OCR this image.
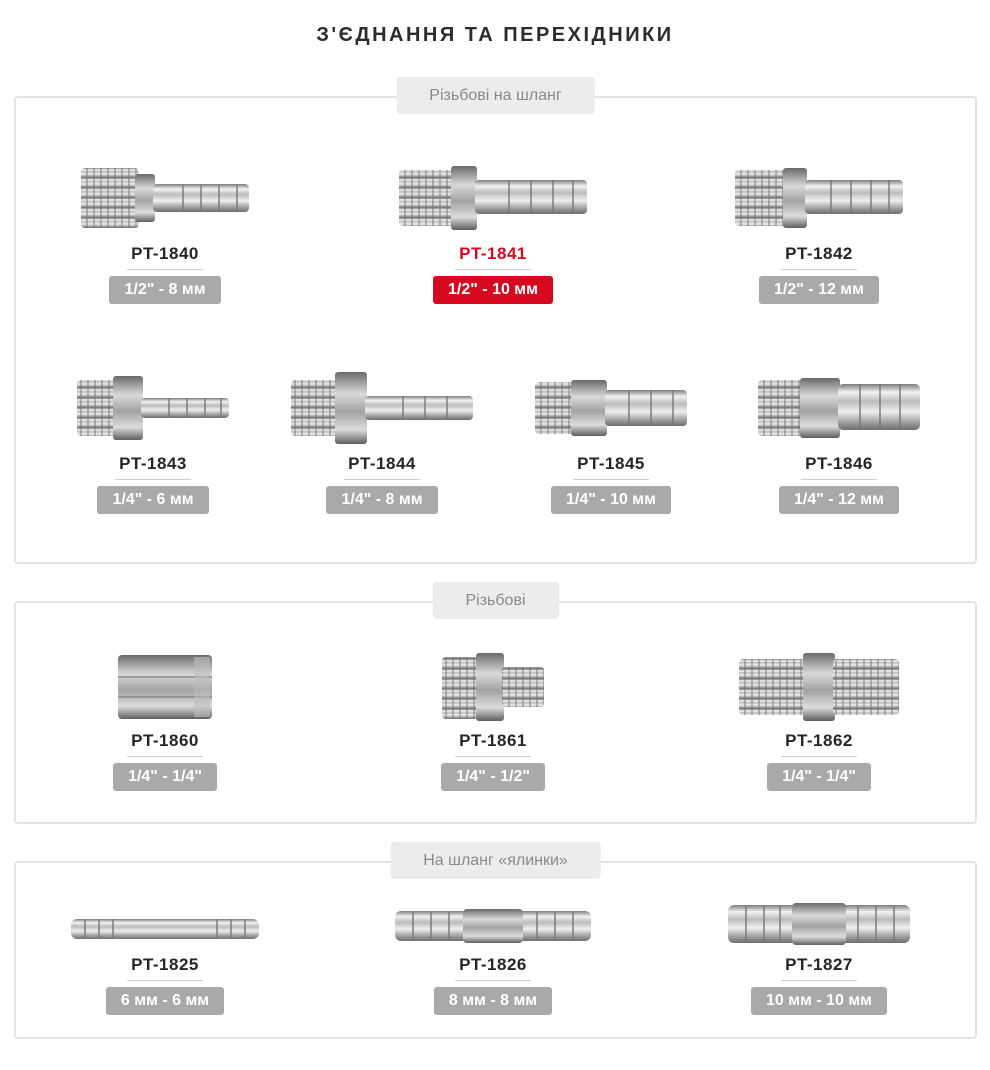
З'ЄДНАННЯ ТА ПЕРЕХІДНИКИ
Різьбові на шланг
PT-1840
1/2" - 8 мм
PT-1841
1/2" - 10 мм
PT-1842
1/2" - 12 мм
PT-1843
1/4" - 6 мм
PT-1844
1/4" - 8 мм
PT-1845
1/4" - 10 мм
PT-1846
1/4" - 12 мм
Різьбові
PT-1860
1/4" - 1/4"
PT-1861
1/4" - 1/2"
PT-1862
1/4" - 1/4"
На шланг «ялинки»
PT-1825
6 мм - 6 мм
PT-1826
8 мм - 8 мм
PT-1827
10 мм - 10 мм
